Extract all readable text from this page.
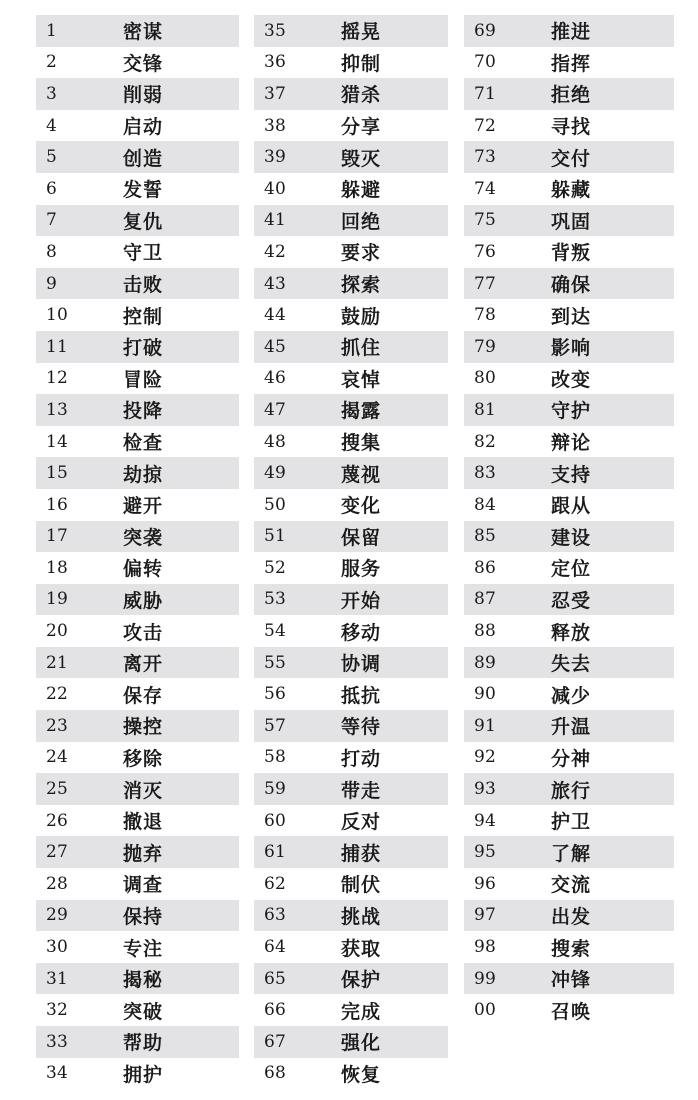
1	密谋
2	交锋
3	削弱
4	启动
5	创造
6	发誓
7	复仇
8	守卫
9	击败
10	控制
11	打破
12	冒险
13	投降
14	检查
15	劫掠
16	避开
17	突袭
18	偏转
19	威胁
20	攻击
21	离开
22	保存
23	操控
24	移除
25	消灭
26	撤退
27	抛弃
28	调查
29	保持
30	专注
31	揭秘
32	突破
33	帮助
34	拥护
35	摇晃
36	抑制
37	猎杀
38	分享
39	毁灭
40	躲避
41	回绝
42	要求
43	探索
44	鼓励
45	抓住
46	哀悼
47	揭露
48	搜集
49	蔑视
50	变化
51	保留
52	服务
53	开始
54	移动
55	协调
56	抵抗
57	等待
58	打动
59	带走
60	反对
61	捕获
62	制伏
63	挑战
64	获取
65	保护
66	完成
67	强化
68	恢复
69	推进
70	指挥
71	拒绝
72	寻找
73	交付
74	躲藏
75	巩固
76	背叛
77	确保
78	到达
79	影响
80	改变
81	守护
82	辩论
83	支持
84	跟从
85	建设
86	定位
87	忍受
88	释放
89	失去
90	减少
91	升温
92	分神
93	旅行
94	护卫
95	了解
96	交流
97	出发
98	搜索
99	冲锋
00	召唤
